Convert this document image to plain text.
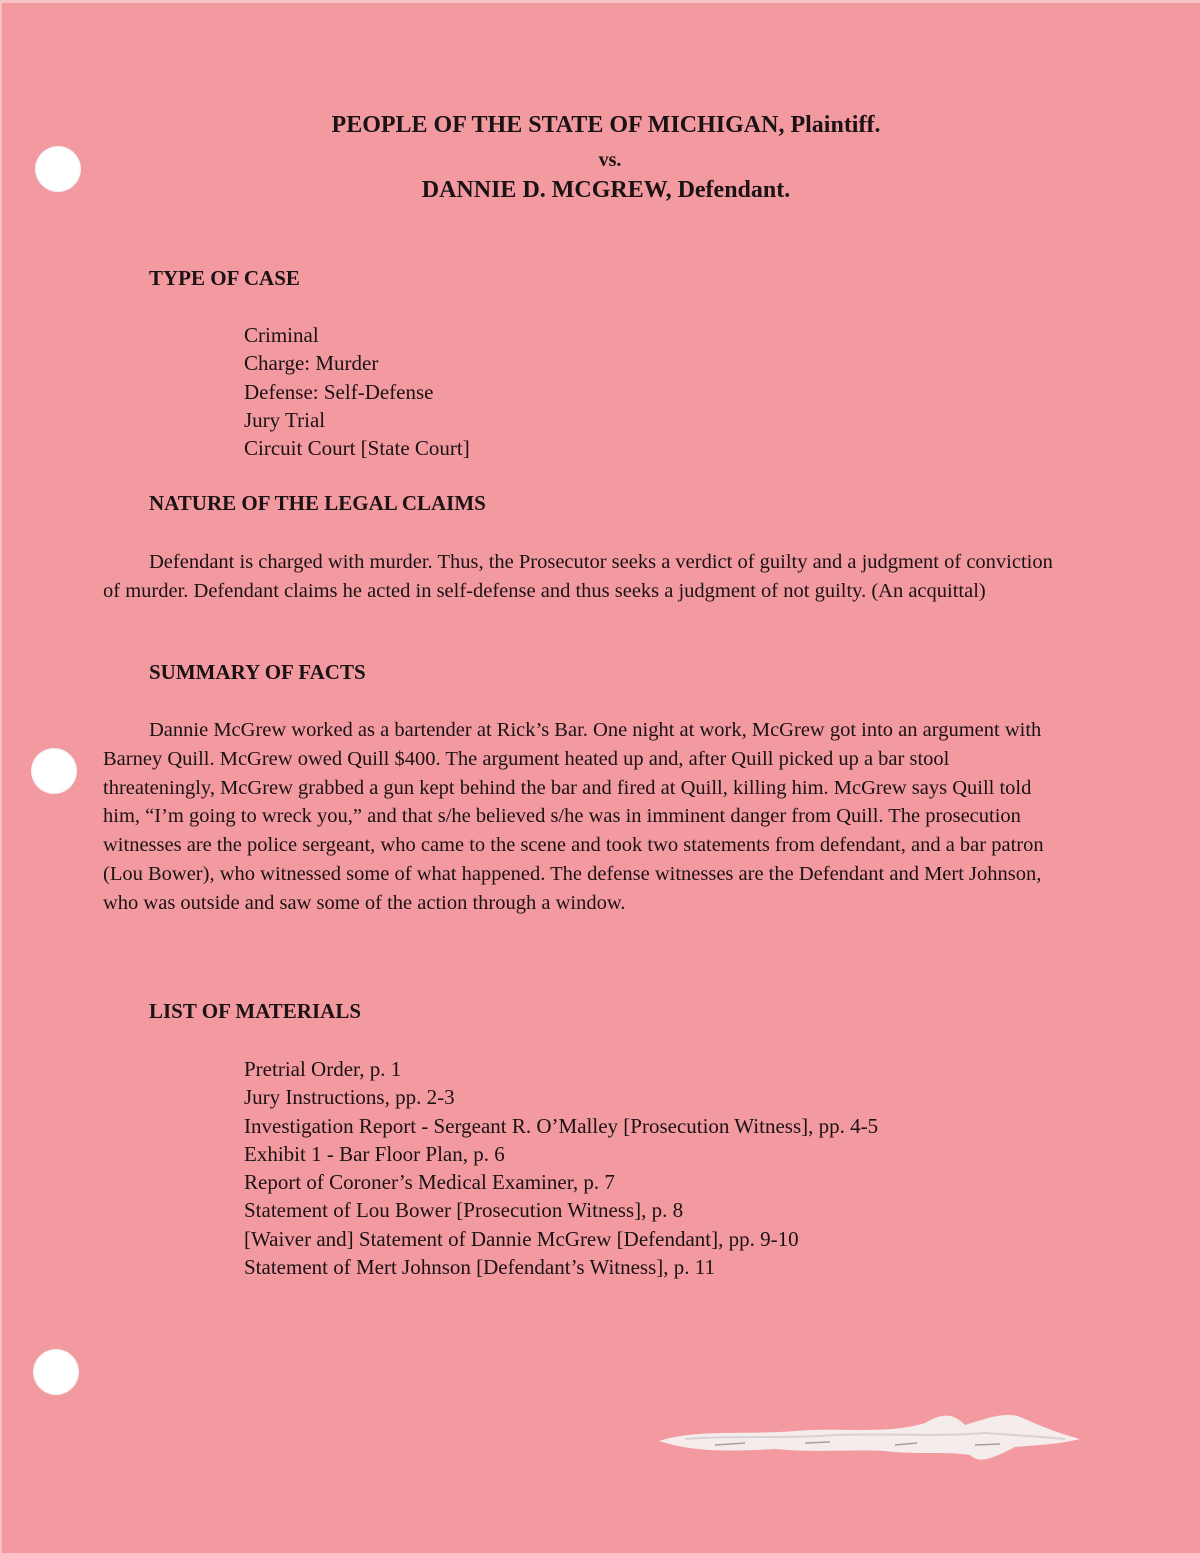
PEOPLE OF THE STATE OF MICHIGAN, Plaintiff.
vs.
DANNIE D. MCGREW, Defendant.
TYPE OF CASE
Criminal
Charge: Murder
Defense: Self-Defense
Jury Trial
Circuit Court [State Court]
NATURE OF THE LEGAL CLAIMS

Defendant is charged with murder. Thus, the Prosecutor seeks a verdict of guilty and a judgment of conviction of murder. Defendant claims he acted in self-defense and thus seeks a judgment of not guilty. (An acquittal)

SUMMARY OF FACTS

Dannie McGrew worked as a bartender at Rick’s Bar. One night at work, McGrew got into an argument with Barney Quill. McGrew owed Quill $400. The argument heated up and, after Quill picked up a bar stool threateningly, McGrew grabbed a gun kept behind the bar and fired at Quill, killing him. McGrew says Quill told him, “I’m going to wreck you,” and that s/he believed s/he was in imminent danger from Quill. The prosecution witnesses are the police sergeant, who came to the scene and took two statements from defendant, and a bar patron (Lou Bower), who witnessed some of what happened. The defense witnesses are the Defendant and Mert Johnson, who was outside and saw some of the action through a window.

LIST OF MATERIALS
Pretrial Order, p. 1
Jury Instructions, pp. 2-3
Investigation Report - Sergeant R. O’Malley [Prosecution Witness], pp. 4-5
Exhibit 1 - Bar Floor Plan, p. 6
Report of Coroner’s Medical Examiner, p. 7
Statement of Lou Bower [Prosecution Witness], p. 8
[Waiver and] Statement of Dannie McGrew [Defendant], pp. 9-10
Statement of Mert Johnson [Defendant’s Witness], p. 11
